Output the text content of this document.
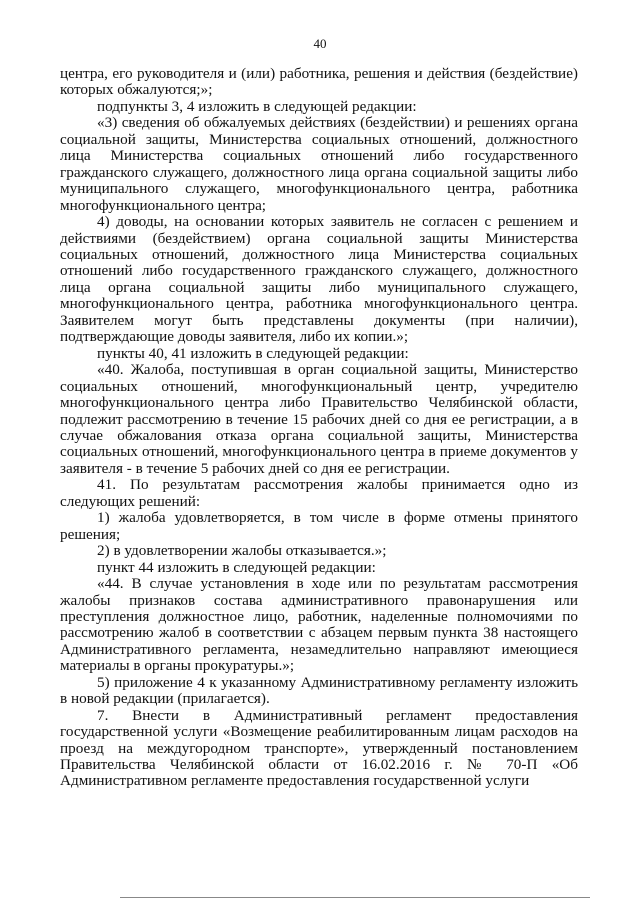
40

центра, его руководителя и (или) работника, решения и действия (бездействие) которых обжалуются;»;

подпункты 3, 4 изложить в следующей редакции:

«3) сведения об обжалуемых действиях (бездействии) и решениях органа социальной защиты, Министерства социальных отношений, должностного лица Министерства социальных отношений либо государственного гражданского служащего, должностного лица органа социальной защиты либо муниципального служащего, многофункционального центра, работника многофункционального центра;

4) доводы, на основании которых заявитель не согласен с решением и действиями (бездействием) органа социальной защиты Министерства социальных отношений, должностного лица Министерства социальных отношений либо государственного гражданского служащего, должностного лица органа социальной защиты либо муниципального служащего, многофункционального центра, работника многофункционального центра. Заявителем могут быть представлены документы (при наличии), подтверждающие доводы заявителя, либо их копии.»;

пункты 40, 41 изложить в следующей редакции:

«40. Жалоба, поступившая в орган социальной защиты, Министерство социальных отношений, многофункциональный центр, учредителю многофункционального центра либо Правительство Челябинской области, подлежит рассмотрению в течение 15 рабочих дней со дня ее регистрации, а в случае обжалования отказа органа социальной защиты, Министерства социальных отношений, многофункционального центра в приеме документов у заявителя - в течение 5 рабочих дней со дня ее регистрации.

41. По результатам рассмотрения жалобы принимается одно из следующих решений:

1) жалоба удовлетворяется, в том числе в форме отмены принятого решения;

2) в удовлетворении жалобы отказывается.»;

пункт 44 изложить в следующей редакции:

«44. В случае установления в ходе или по результатам рассмотрения жалобы признаков состава административного правонарушения или преступления должностное лицо, работник, наделенные полномочиями по рассмотрению жалоб в соответствии с абзацем первым пункта 38 настоящего Административного регламента, незамедлительно направляют имеющиеся материалы в органы прокуратуры.»;

5) приложение 4 к указанному Административному регламенту изложить в новой редакции (прилагается).

7. Внести в Административный регламент предоставления государственной услуги «Возмещение реабилитированным лицам расходов на проезд на междугородном транспорте», утвержденный постановлением Правительства Челябинской области от 16.02.2016 г. № 70-П «Об Административном регламенте предоставления государственной услуги
